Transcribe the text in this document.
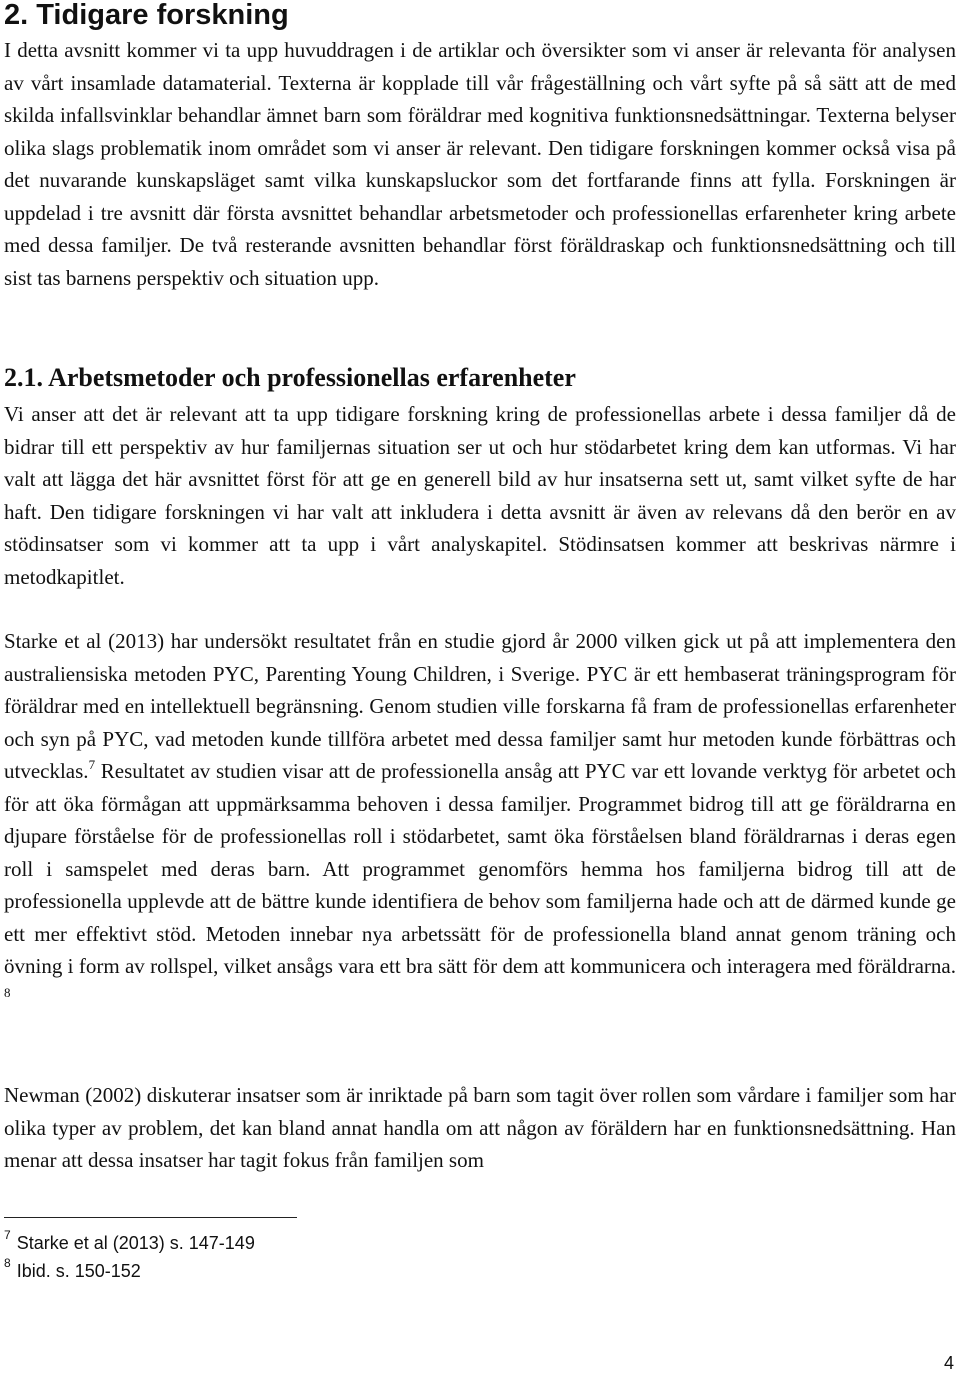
2. Tidigare forskning

I detta avsnitt kommer vi ta upp huvuddragen i de artiklar och översikter som vi anser är relevanta för analysen av vårt insamlade datamaterial. Texterna är kopplade till vår frågeställning och vårt syfte på så sätt att de med skilda infallsvinklar behandlar ämnet barn som föräldrar med kognitiva funktionsnedsättningar. Texterna belyser olika slags problematik inom området som vi anser är relevant. Den tidigare forskningen kommer också visa på det nuvarande kunskapsläget samt vilka kunskapsluckor som det fortfarande finns att fylla. Forskningen är uppdelad i tre avsnitt där första avsnittet behandlar arbetsmetoder och professionellas erfarenheter kring arbete med dessa familjer. De två resterande avsnitten behandlar först föräldraskap och funktionsnedsättning och till sist tas barnens perspektiv och situation upp.

2.1. Arbetsmetoder och professionellas erfarenheter

Vi anser att det är relevant att ta upp tidigare forskning kring de professionellas arbete i dessa familjer då de bidrar till ett perspektiv av hur familjernas situation ser ut och hur stödarbetet kring dem kan utformas. Vi har valt att lägga det här avsnittet först för att ge en generell bild av hur insatserna sett ut, samt vilket syfte de har haft. Den tidigare forskningen vi har valt att inkludera i detta avsnitt är även av relevans då den berör en av stödinsatser som vi kommer att ta upp i vårt analyskapitel. Stödinsatsen kommer att beskrivas närmre i metodkapitlet.

Starke et al (2013) har undersökt resultatet från en studie gjord år 2000 vilken gick ut på att implementera den australiensiska metoden PYC, Parenting Young Children, i Sverige. PYC är ett hembaserat träningsprogram för föräldrar med en intellektuell begränsning. Genom studien ville forskarna få fram de professionellas erfarenheter och syn på PYC, vad metoden kunde tillföra arbetet med dessa familjer samt hur metoden kunde förbättras och utvecklas.$^7$ Resultatet av studien visar att de professionella ansåg att PYC var ett lovande verktyg för arbetet och för att öka förmågan att uppmärksamma behoven i dessa familjer. Programmet bidrog till att ge föräldrarna en djupare förståelse för de professionellas roll i stödarbetet, samt öka förståelsen bland föräldrarnas i deras egen roll i samspelet med deras barn. Att programmet genomförs hemma hos familjerna bidrog till att de professionella upplevde att de bättre kunde identifiera de behov som familjerna hade och att de därmed kunde ge ett mer effektivt stöd. Metoden innebar nya arbetssätt för de professionella bland annat genom träning och övning i form av rollspel, vilket ansågs vara ett bra sätt för dem att kommunicera och interagera med föräldrarna. $^8$

Newman (2002) diskuterar insatser som är inriktade på barn som tagit över rollen som vårdare i familjer som har olika typer av problem, det kan bland annat handla om att någon av föräldern har en funktionsnedsättning. Han menar att dessa insatser har tagit fokus från familjen som

$^7$ Starke et al (2013) s. 147-149
$^8$ Ibid. s. 150-152
4
